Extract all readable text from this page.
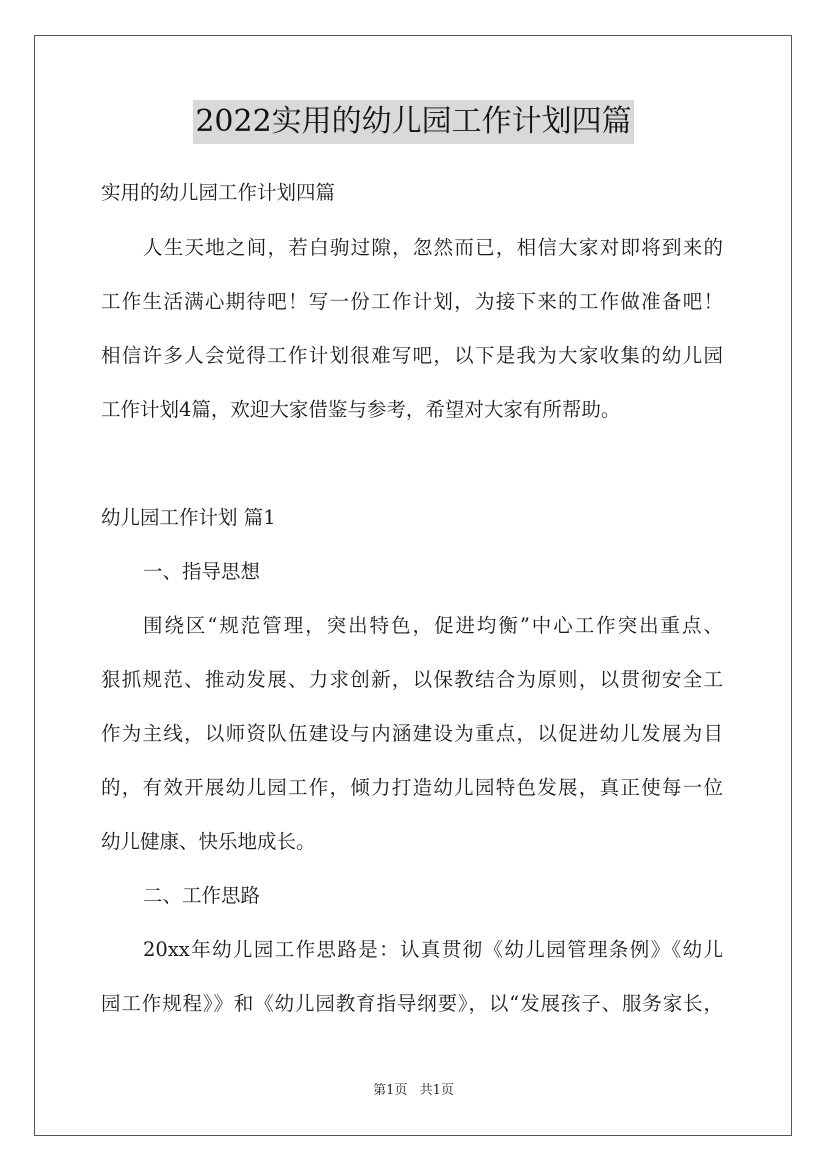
2022实用的幼儿园工作计划四篇
实用的幼儿园工作计划四篇
人生天地之间，若白驹过隙，忽然而已，相信大家对即将到来的
工作生活满心期待吧！写一份工作计划，为接下来的工作做准备吧！
相信许多人会觉得工作计划很难写吧，以下是我为大家收集的幼儿园
工作计划4篇，欢迎大家借鉴与参考，希望对大家有所帮助。
幼儿园工作计划 篇1
一、指导思想
围绕区“规范管理，突出特色，促进均衡”中心工作突出重点、
狠抓规范、推动发展、力求创新，以保教结合为原则，以贯彻安全工
作为主线，以师资队伍建设与内涵建设为重点，以促进幼儿发展为目
的，有效开展幼儿园工作，倾力打造幼儿园特色发展，真正使每一位
幼儿健康、快乐地成长。
二、工作思路
20xx年幼儿园工作思路是：认真贯彻《幼儿园管理条例》《幼儿
园工作规程》》和《幼儿园教育指导纲要》，以“发展孩子、服务家长，
第1页 共1页
